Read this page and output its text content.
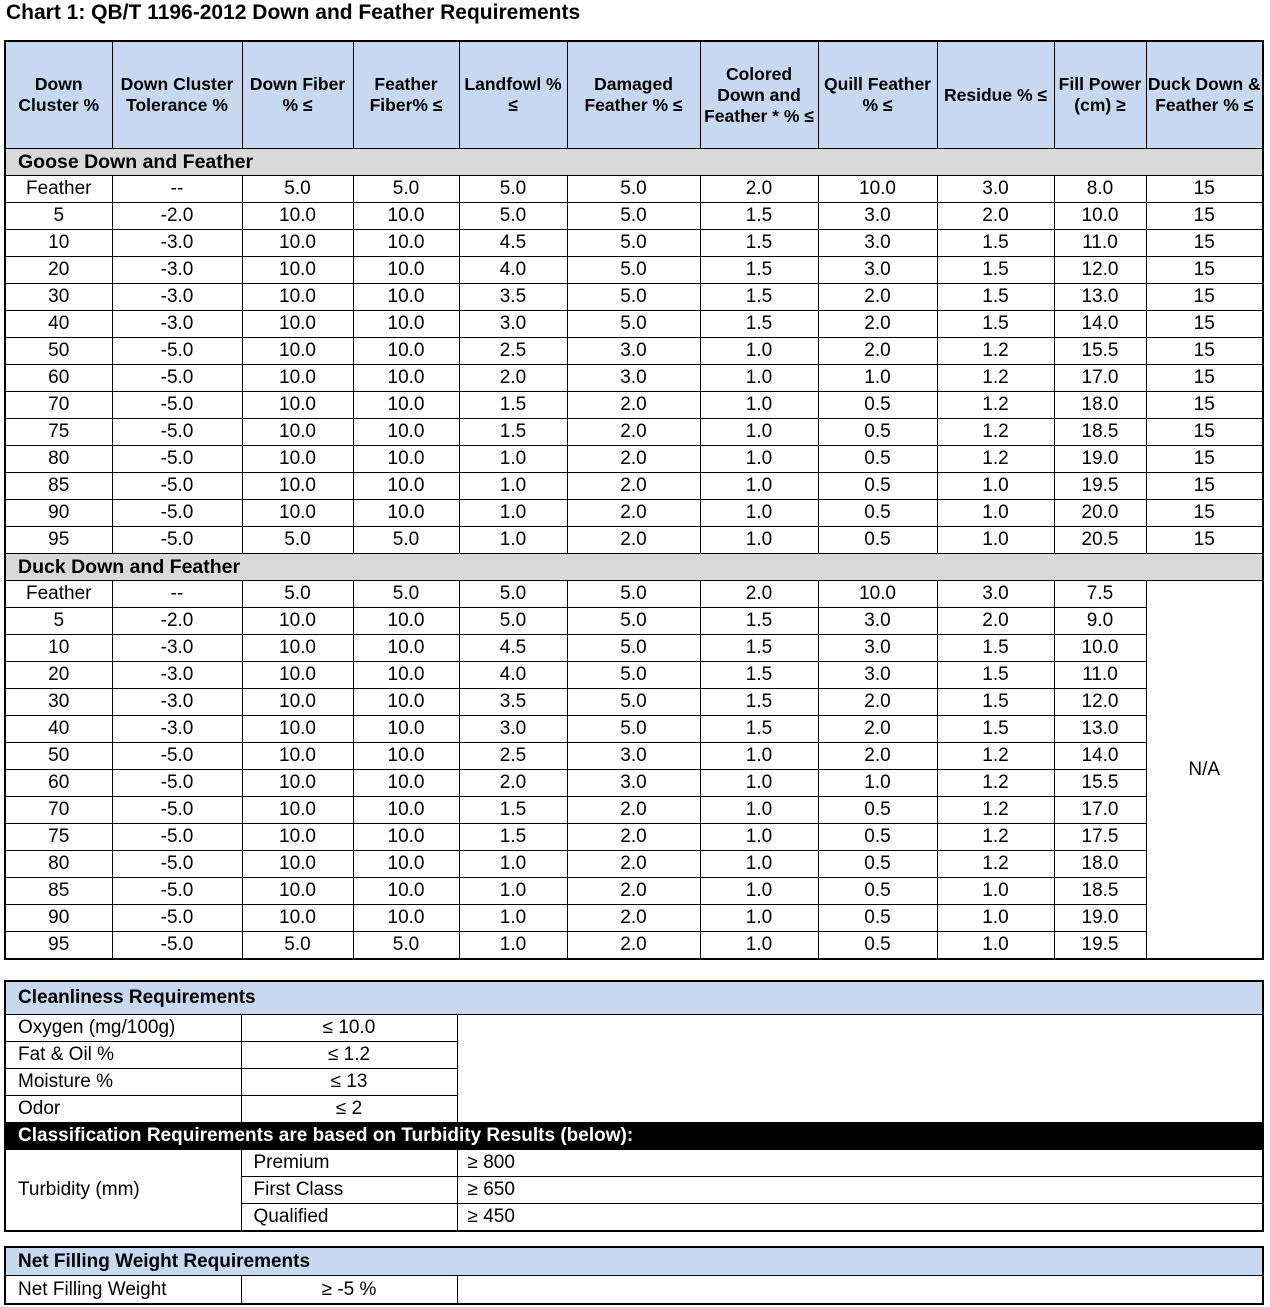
Chart 1: QB/T 1196-2012 Down and Feather Requirements
Down Cluster %	Down Cluster Tolerance %	Down Fiber % ≤	Feather Fiber% ≤	Landfowl % ≤	Damaged Feather % ≤	Colored Down and Feather * % ≤	Quill Feather % ≤	Residue % ≤	Fill Power (cm) ≥	Duck Down & Feather % ≤
Goose Down and Feather										
Feather	--	5.0	5.0	5.0	5.0	2.0	10.0	3.0	8.0	15
5	-2.0	10.0	10.0	5.0	5.0	1.5	3.0	2.0	10.0	15
10	-3.0	10.0	10.0	4.5	5.0	1.5	3.0	1.5	11.0	15
20	-3.0	10.0	10.0	4.0	5.0	1.5	3.0	1.5	12.0	15
30	-3.0	10.0	10.0	3.5	5.0	1.5	2.0	1.5	13.0	15
40	-3.0	10.0	10.0	3.0	5.0	1.5	2.0	1.5	14.0	15
50	-5.0	10.0	10.0	2.5	3.0	1.0	2.0	1.2	15.5	15
60	-5.0	10.0	10.0	2.0	3.0	1.0	1.0	1.2	17.0	15
70	-5.0	10.0	10.0	1.5	2.0	1.0	0.5	1.2	18.0	15
75	-5.0	10.0	10.0	1.5	2.0	1.0	0.5	1.2	18.5	15
80	-5.0	10.0	10.0	1.0	2.0	1.0	0.5	1.2	19.0	15
85	-5.0	10.0	10.0	1.0	2.0	1.0	0.5	1.0	19.5	15
90	-5.0	10.0	10.0	1.0	2.0	1.0	0.5	1.0	20.0	15
95	-5.0	5.0	5.0	1.0	2.0	1.0	0.5	1.0	20.5	15
Duck Down and Feather										
Feather	--	5.0	5.0	5.0	5.0	2.0	10.0	3.0	7.5	N/A
5	-2.0	10.0	10.0	5.0	5.0	1.5	3.0	2.0	9.0	
10	-3.0	10.0	10.0	4.5	5.0	1.5	3.0	1.5	10.0	
20	-3.0	10.0	10.0	4.0	5.0	1.5	3.0	1.5	11.0	
30	-3.0	10.0	10.0	3.5	5.0	1.5	2.0	1.5	12.0	
40	-3.0	10.0	10.0	3.0	5.0	1.5	2.0	1.5	13.0	
50	-5.0	10.0	10.0	2.5	3.0	1.0	2.0	1.2	14.0	
60	-5.0	10.0	10.0	2.0	3.0	1.0	1.0	1.2	15.5	
70	-5.0	10.0	10.0	1.5	2.0	1.0	0.5	1.2	17.0	
75	-5.0	10.0	10.0	1.5	2.0	1.0	0.5	1.2	17.5	
80	-5.0	10.0	10.0	1.0	2.0	1.0	0.5	1.2	18.0	
85	-5.0	10.0	10.0	1.0	2.0	1.0	0.5	1.0	18.5	
90	-5.0	10.0	10.0	1.0	2.0	1.0	0.5	1.0	19.0	
95	-5.0	5.0	5.0	1.0	2.0	1.0	0.5	1.0	19.5	
Cleanliness Requirements		
Oxygen (mg/100g)	≤ 10.0	
Fat & Oil %	≤ 1.2	
Moisture %	≤ 13	
Odor	≤ 2	
Classification Requirements are based on Turbidity Results (below):		
Turbidity (mm)	Premium	≥ 800
	First Class	≥ 650
	Qualified	≥ 450
Net Filling Weight Requirements
Net Filling Weight	≥ -5 %	
